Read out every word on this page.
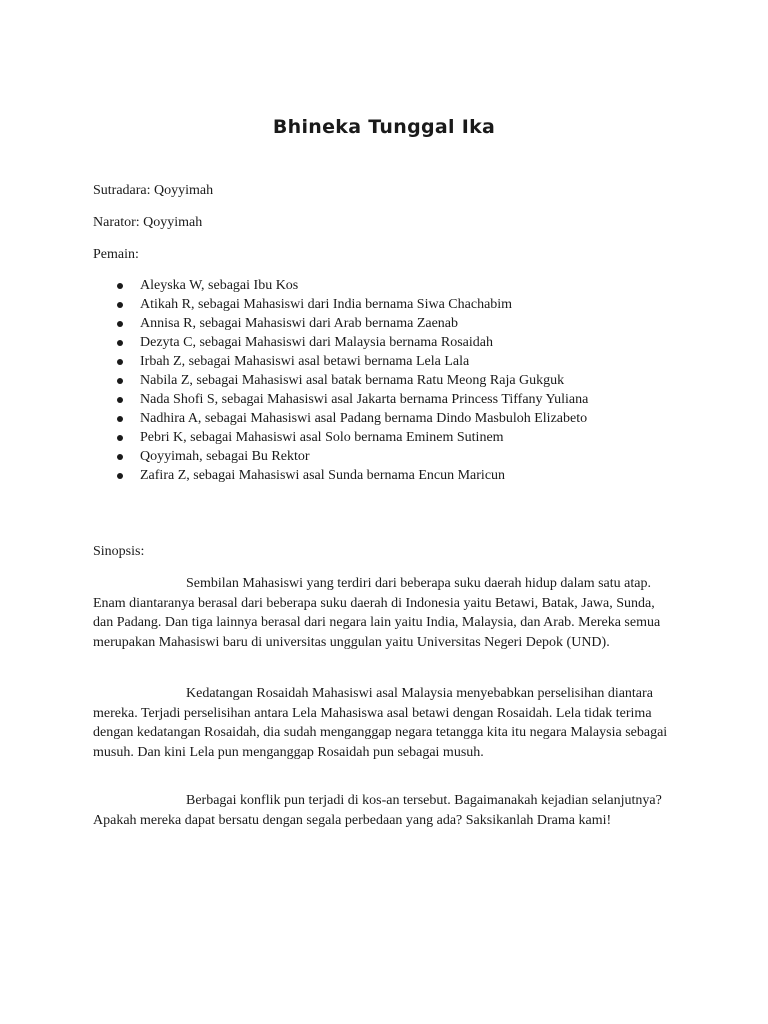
Bhineka Tunggal Ika
Sutradara: Qoyyimah
Narator: Qoyyimah
Pemain:
Aleyska W, sebagai Ibu Kos
Atikah R, sebagai Mahasiswi dari India bernama Siwa Chachabim
Annisa R, sebagai Mahasiswi dari Arab bernama Zaenab
Dezyta C, sebagai Mahasiswi dari Malaysia bernama Rosaidah
Irbah Z, sebagai Mahasiswi asal betawi bernama Lela Lala
Nabila Z, sebagai Mahasiswi asal batak bernama Ratu Meong Raja Gukguk
Nada Shofi S, sebagai Mahasiswi asal Jakarta bernama Princess Tiffany Yuliana
Nadhira A, sebagai Mahasiswi asal Padang bernama Dindo Masbuloh Elizabeto
Pebri K, sebagai Mahasiswi asal Solo bernama Eminem Sutinem
Qoyyimah, sebagai Bu Rektor
Zafira Z, sebagai Mahasiswi asal Sunda bernama Encun Maricun
Sinopsis:

Sembilan Mahasiswi yang terdiri dari beberapa suku daerah hidup dalam satu atap. Enam diantaranya berasal dari beberapa suku daerah di Indonesia yaitu Betawi, Batak, Jawa, Sunda, dan Padang. Dan tiga lainnya berasal dari negara lain yaitu India, Malaysia, dan Arab. Mereka semua merupakan Mahasiswi baru di universitas unggulan yaitu Universitas Negeri Depok (UND).

Kedatangan Rosaidah Mahasiswi asal Malaysia menyebabkan perselisihan diantara mereka. Terjadi perselisihan antara Lela Mahasiswa asal betawi dengan Rosaidah. Lela tidak terima dengan kedatangan Rosaidah, dia sudah menganggap negara tetangga kita itu negara Malaysia sebagai musuh. Dan kini Lela pun menganggap Rosaidah pun sebagai musuh.

Berbagai konflik pun terjadi di kos-an tersebut. Bagaimanakah kejadian selanjutnya? Apakah mereka dapat bersatu dengan segala perbedaan yang ada? Saksikanlah Drama kami!
